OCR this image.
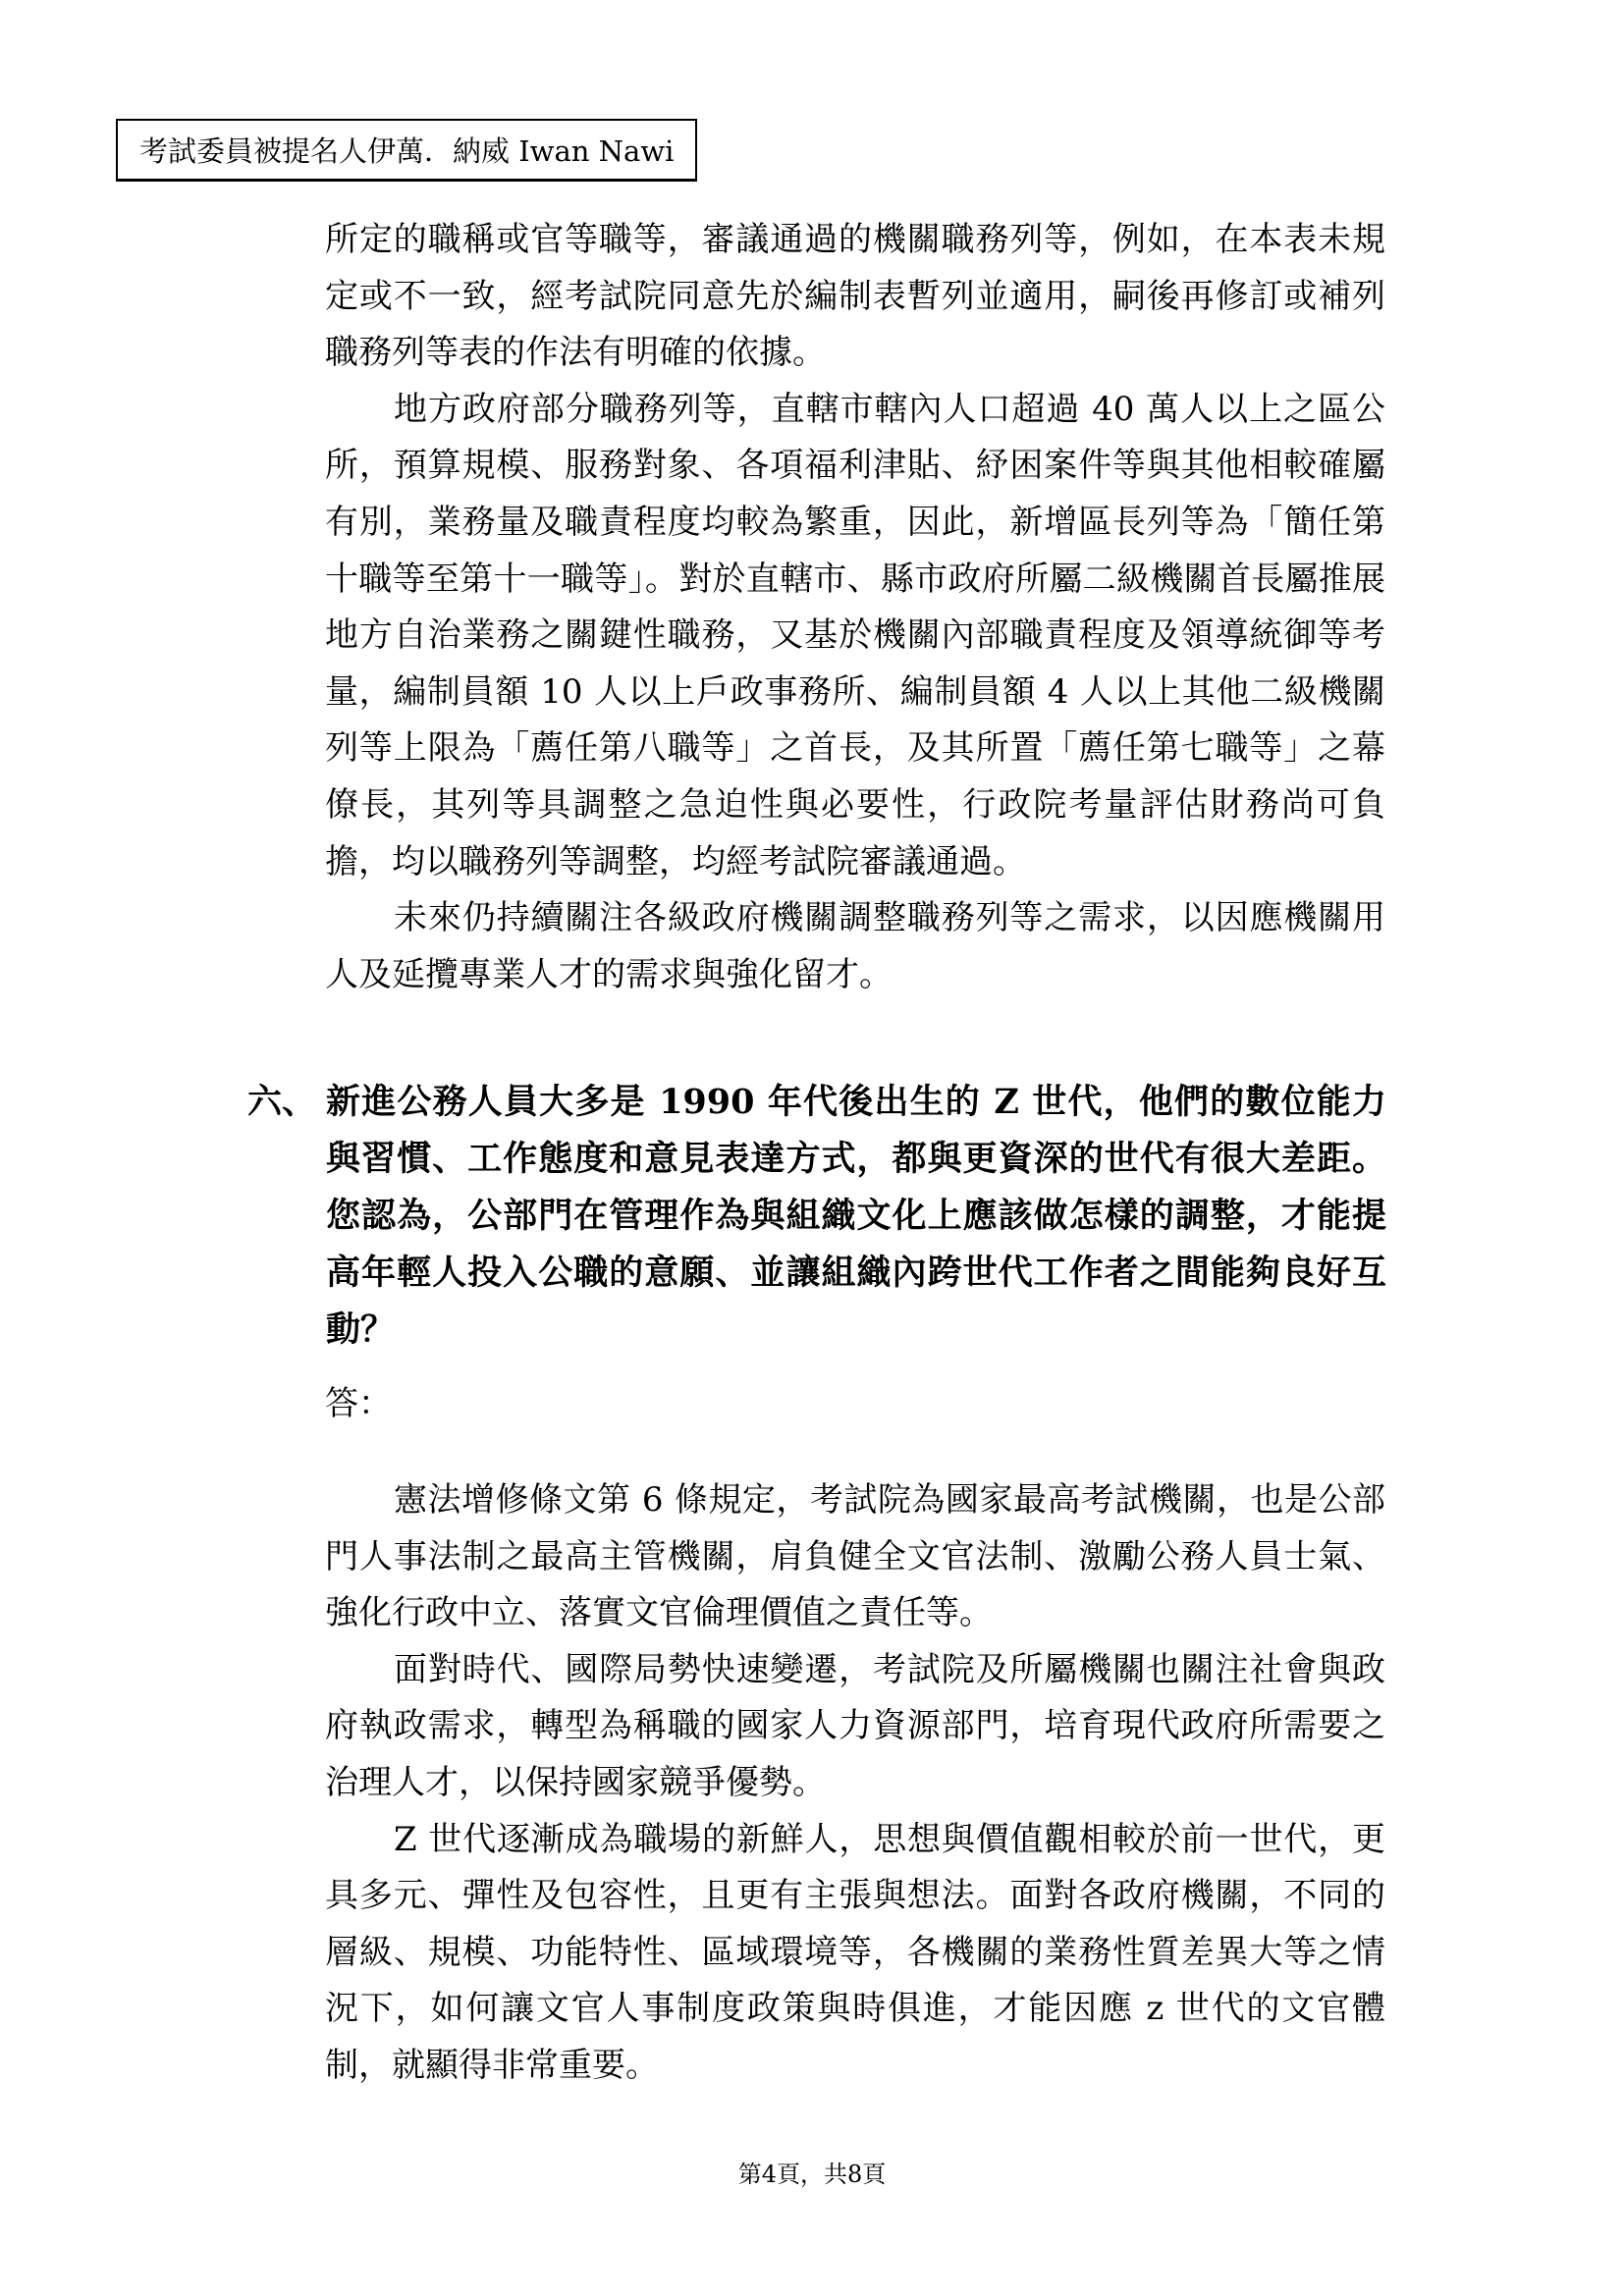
考試委員被提名人伊萬．納威 Iwan Nawi

所定的職稱或官等職等，審議通過的機關職務列等，例如，在本表未規定或不一致，經考試院同意先於編制表暫列並適用，嗣後再修訂或補列職務列等表的作法有明確的依據。

地方政府部分職務列等，直轄市轄內人口超過 40 萬人以上之區公所，預算規模、服務對象、各項福利津貼、紓困案件等與其他相較確屬有別，業務量及職責程度均較為繁重，因此，新增區長列等為「簡任第十職等至第十一職等」。對於直轄市、縣市政府所屬二級機關首長屬推展地方自治業務之關鍵性職務，又基於機關內部職責程度及領導統御等考量，編制員額 10 人以上戶政事務所、編制員額 4 人以上其他二級機關列等上限為「薦任第八職等」之首長，及其所置「薦任第七職等」之幕僚長，其列等具調整之急迫性與必要性，行政院考量評估財務尚可負擔，均以職務列等調整，均經考試院審議通過。

未來仍持續關注各級政府機關調整職務列等之需求，以因應機關用人及延攬專業人才的需求與強化留才。

六、 新進公務人員大多是 1990 年代後出生的 Z 世代，他們的數位能力與習慣、工作態度和意見表達方式，都與更資深的世代有很大差距。您認為，公部門在管理作為與組織文化上應該做怎樣的調整，才能提高年輕人投入公職的意願、並讓組織內跨世代工作者之間能夠良好互動？
答：

憲法增修條文第 6 條規定，考試院為國家最高考試機關，也是公部門人事法制之最高主管機關，肩負健全文官法制、激勵公務人員士氣、強化行政中立、落實文官倫理價值之責任等。

面對時代、國際局勢快速變遷，考試院及所屬機關也關注社會與政府執政需求，轉型為稱職的國家人力資源部門，培育現代政府所需要之治理人才，以保持國家競爭優勢。

Z 世代逐漸成為職場的新鮮人，思想與價值觀相較於前一世代，更具多元、彈性及包容性，且更有主張與想法。面對各政府機關，不同的層級、規模、功能特性、區域環境等，各機關的業務性質差異大等之情況下，如何讓文官人事制度政策與時俱進，才能因應 z 世代的文官體制，就顯得非常重要。

第4頁，共8頁
